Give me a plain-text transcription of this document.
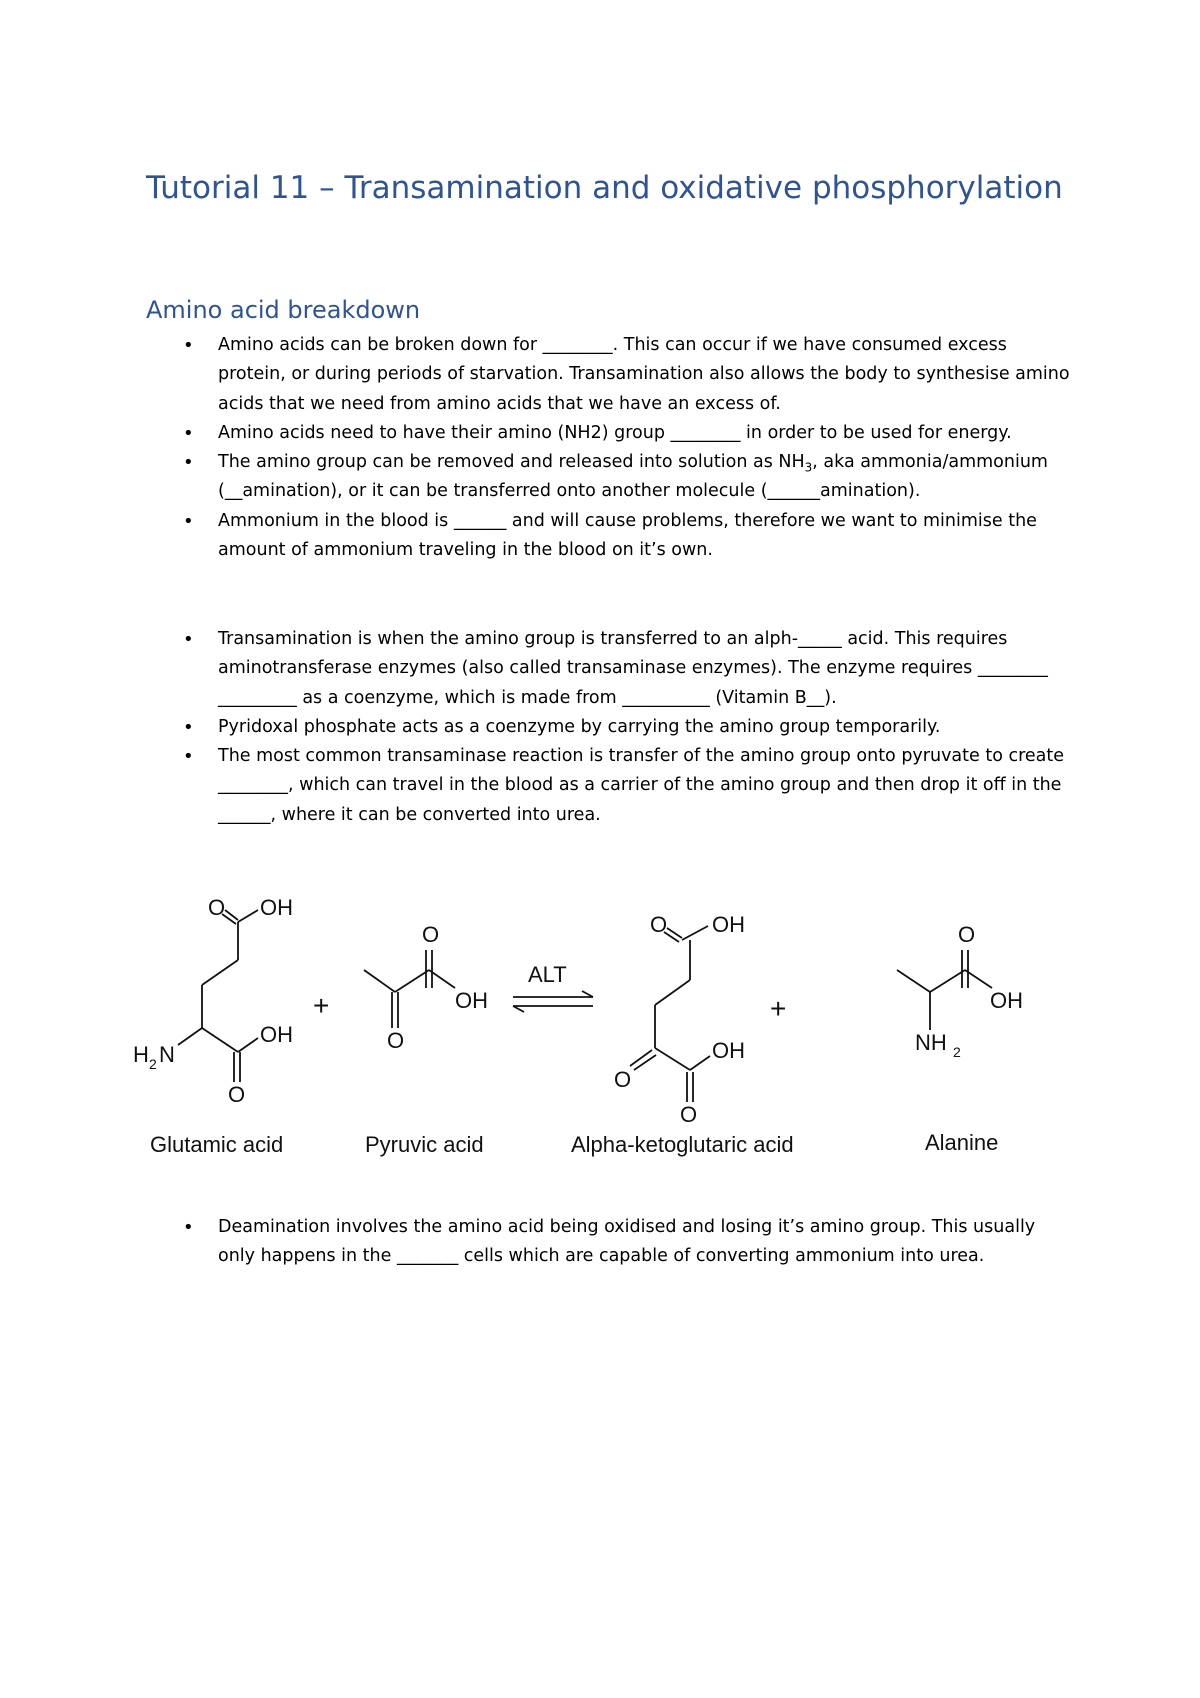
Tutorial 11 – Transamination and oxidative phosphorylation
Amino acid breakdown
• Amino acids can be broken down for ________. This can occur if we have consumed excess protein, or during periods of starvation. Transamination also allows the body to synthesise amino acids that we need from amino acids that we have an excess of.
• Amino acids need to have their amino (NH2) group ________ in order to be used for energy.
• The amino group can be removed and released into solution as $NH_3$, aka ammonia/ammonium (__amination), or it can be transferred onto another molecule (______amination).
• Ammonium in the blood is ______ and will cause problems, therefore we want to minimise the amount of ammonium traveling in the blood on it’s own.
• Transamination is when the amino group is transferred to an alph-_____ acid. This requires aminotransferase enzymes (also called transaminase enzymes). The enzyme requires ________ _________ as a coenzyme, which is made from __________ (Vitamin B__).
• Pyridoxal phosphate acts as a coenzyme by carrying the amino group temporarily.
• The most common transaminase reaction is transfer of the amino group onto pyruvate to create ________, which can travel in the blood as a carrier of the amino group and then drop it off in the ______, where it can be converted into urea.
O OH
H 2 N
OH
O
Glutamic acid
+
O
O
OH
Pyruvic acid
ALT
O OH
O
OH
O
Alpha-ketoglutaric acid
+
O
NH 2
OH
Alanine
• Deamination involves the amino acid being oxidised and losing it’s amino group. This usually only happens in the _______ cells which are capable of converting ammonium into urea.
